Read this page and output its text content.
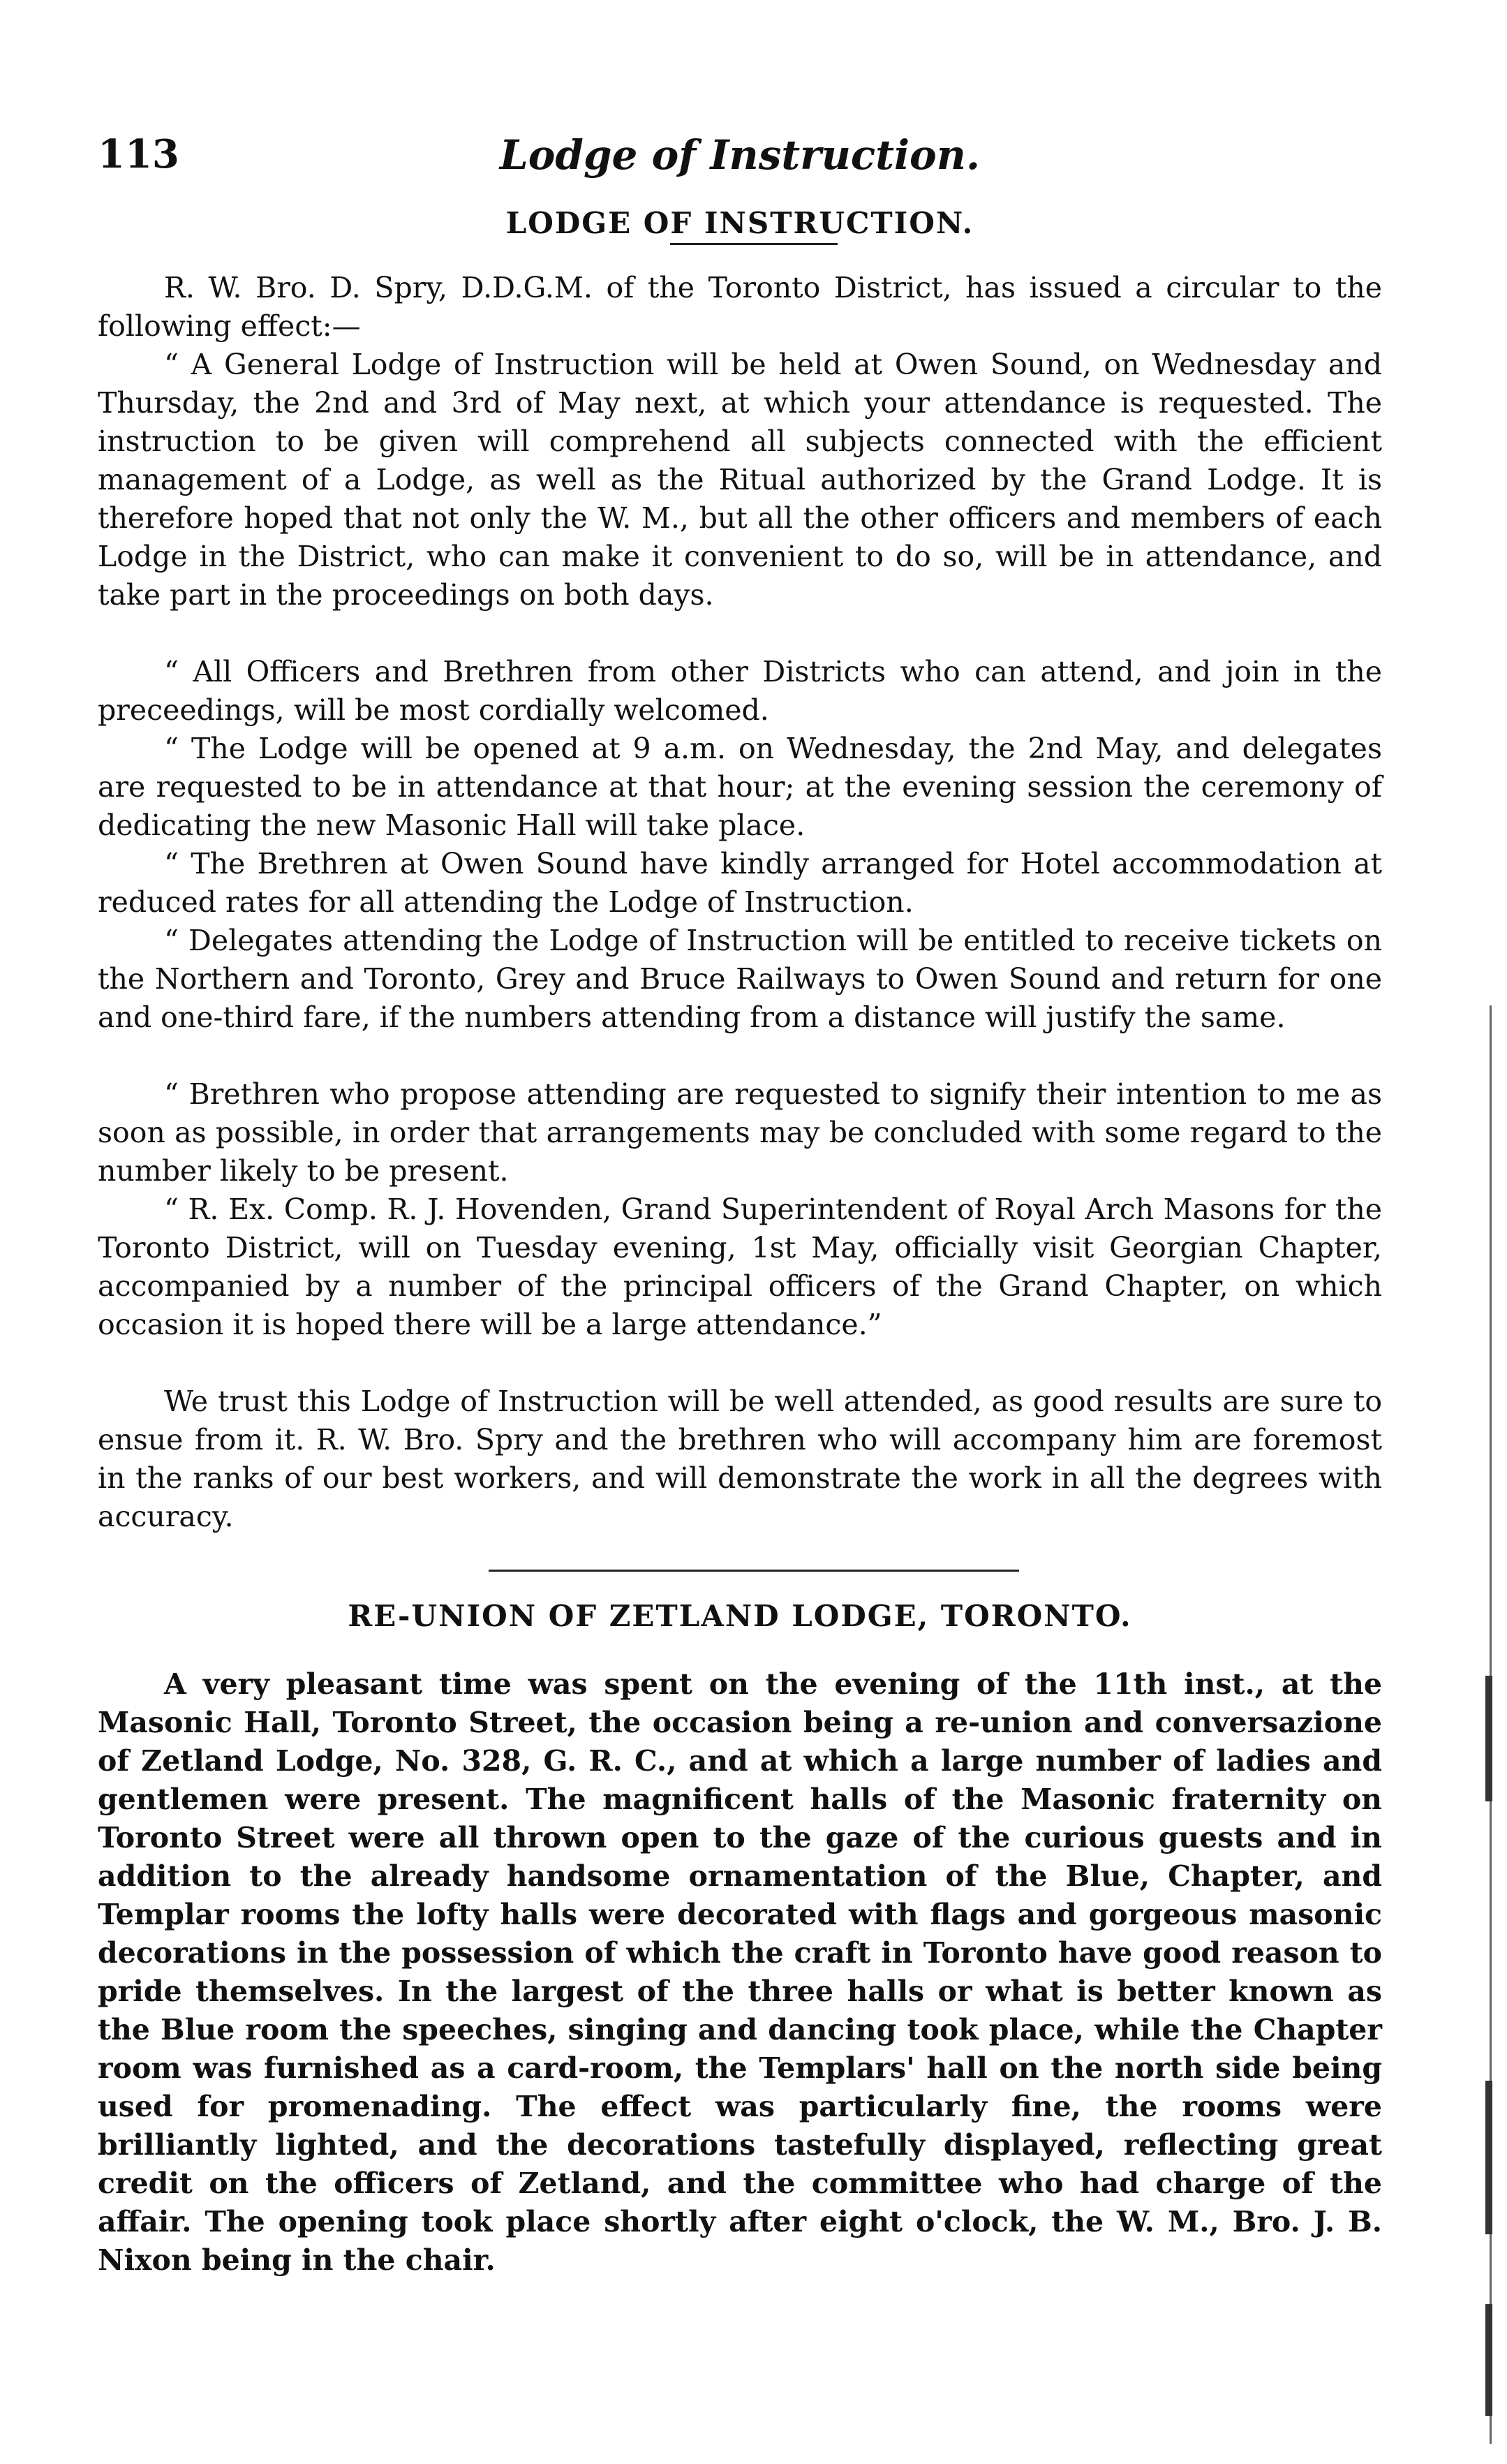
113	Lodge of Instruction.
LODGE OF INSTRUCTION.

R. W. Bro. D. Spry, D.D.G.M. of the Toronto District, has issued a circular to the following effect:—

“ A General Lodge of Instruction will be held at Owen Sound, on Wednesday and Thursday, the 2nd and 3rd of May next, at which your attendance is requested. The instruction to be given will comprehend all subjects connected with the efficient management of a Lodge, as well as the Ritual authorized by the Grand Lodge. It is therefore hoped that not only the W. M., but all the other officers and members of each Lodge in the District, who can make it convenient to do so, will be in attendance, and take part in the proceedings on both days.

“ All Officers and Brethren from other Districts who can attend, and join in the preceedings, will be most cordially welcomed.

“ The Lodge will be opened at 9 a.m. on Wednesday, the 2nd May, and delegates are requested to be in attendance at that hour; at the evening session the ceremony of dedicating the new Masonic Hall will take place.

“ The Brethren at Owen Sound have kindly arranged for Hotel accommodation at reduced rates for all attending the Lodge of Instruction.

“ Delegates attending the Lodge of Instruction will be entitled to receive tickets on the Northern and Toronto, Grey and Bruce Railways to Owen Sound and return for one and one-third fare, if the numbers attending from a distance will justify the same.

“ Brethren who propose attending are requested to signify their intention to me as soon as possible, in order that arrangements may be concluded with some regard to the number likely to be present.

“ R. Ex. Comp. R. J. Hovenden, Grand Superintendent of Royal Arch Masons for the Toronto District, will on Tuesday evening, 1st May, officially visit Georgian Chapter, accompanied by a number of the principal officers of the Grand Chapter, on which occasion it is hoped there will be a large attendance.”

We trust this Lodge of Instruction will be well attended, as good results are sure to ensue from it. R. W. Bro. Spry and the brethren who will accompany him are foremost in the ranks of our best workers, and will demonstrate the work in all the degrees with accuracy.

RE-UNION OF ZETLAND LODGE, TORONTO.

A very pleasant time was spent on the evening of the 11th inst., at the Masonic Hall, Toronto Street, the occasion being a re-union and conversazione of Zetland Lodge, No. 328, G. R. C., and at which a large number of ladies and gentlemen were present. The magnificent halls of the Masonic fraternity on Toronto Street were all thrown open to the gaze of the curious guests and in addition to the already handsome ornamentation of the Blue, Chapter, and Templar rooms the lofty halls were decorated with flags and gorgeous masonic decorations in the possession of which the craft in Toronto have good reason to pride themselves. In the largest of the three halls or what is better known as the Blue room the speeches, singing and dancing took place, while the Chapter room was furnished as a card-room, the Templars' hall on the north side being used for promenading. The effect was particularly fine, the rooms were brilliantly lighted, and the decorations tastefully displayed, reflecting great credit on the officers of Zetland, and the committee who had charge of the affair. The opening took place shortly after eight o'clock, the W. M., Bro. J. B. Nixon being in the chair.
